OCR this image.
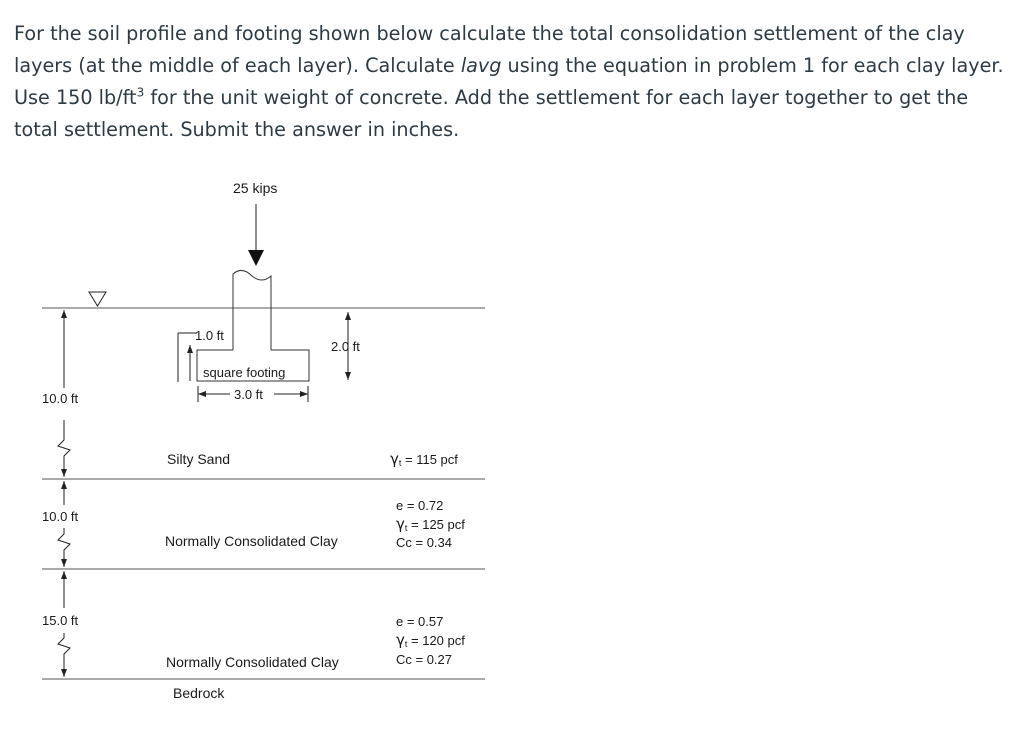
For the soil profile and footing shown below calculate the total consolidation settlement of the clay layers (at the middle of each layer). Calculate lavg using the equation in problem 1 for each clay layer. Use 150 $lb/ft^3$ for the unit weight of concrete. Add the settlement for each layer together to get the total settlement. Submit the answer in inches.

25 kips
1.0 ft
2.0 ft
square footing
3.0 ft
10.0 ft
Silty Sand	γt = 115 pcf
10.0 ft
Normally Consolidated Clay
e = 0.72
γt = 125 pcf
Cc = 0.34
15.0 ft
Normally Consolidated Clay
e = 0.57
γt = 120 pcf
Cc = 0.27
Bedrock
